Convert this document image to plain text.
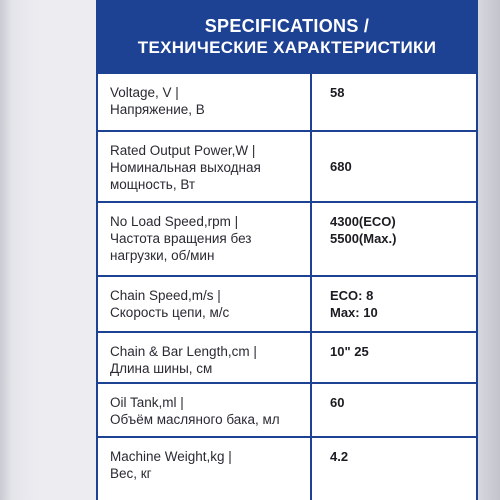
SPECIFICATIONS /
ТЕХНИЧЕСКИЕ ХАРАКТЕРИСТИКИ
Voltage, V |
Напряжение, В
58
Rated Output Power,W |
Номинальная выходная
мощность, Вт
680
No Load Speed,rpm |
Частота вращения без
нагрузки, об/мин
4300(ECO)
5500(Max.)
Chain Speed,m/s |
Скорость цепи, м/с
ECO: 8
Max: 10
Chain & Bar Length,cm |
Длина шины, см
10" 25
Oil Tank,ml |
Объём масляного бака, мл
60
Machine Weight,kg |
Вес, кг
4.2
